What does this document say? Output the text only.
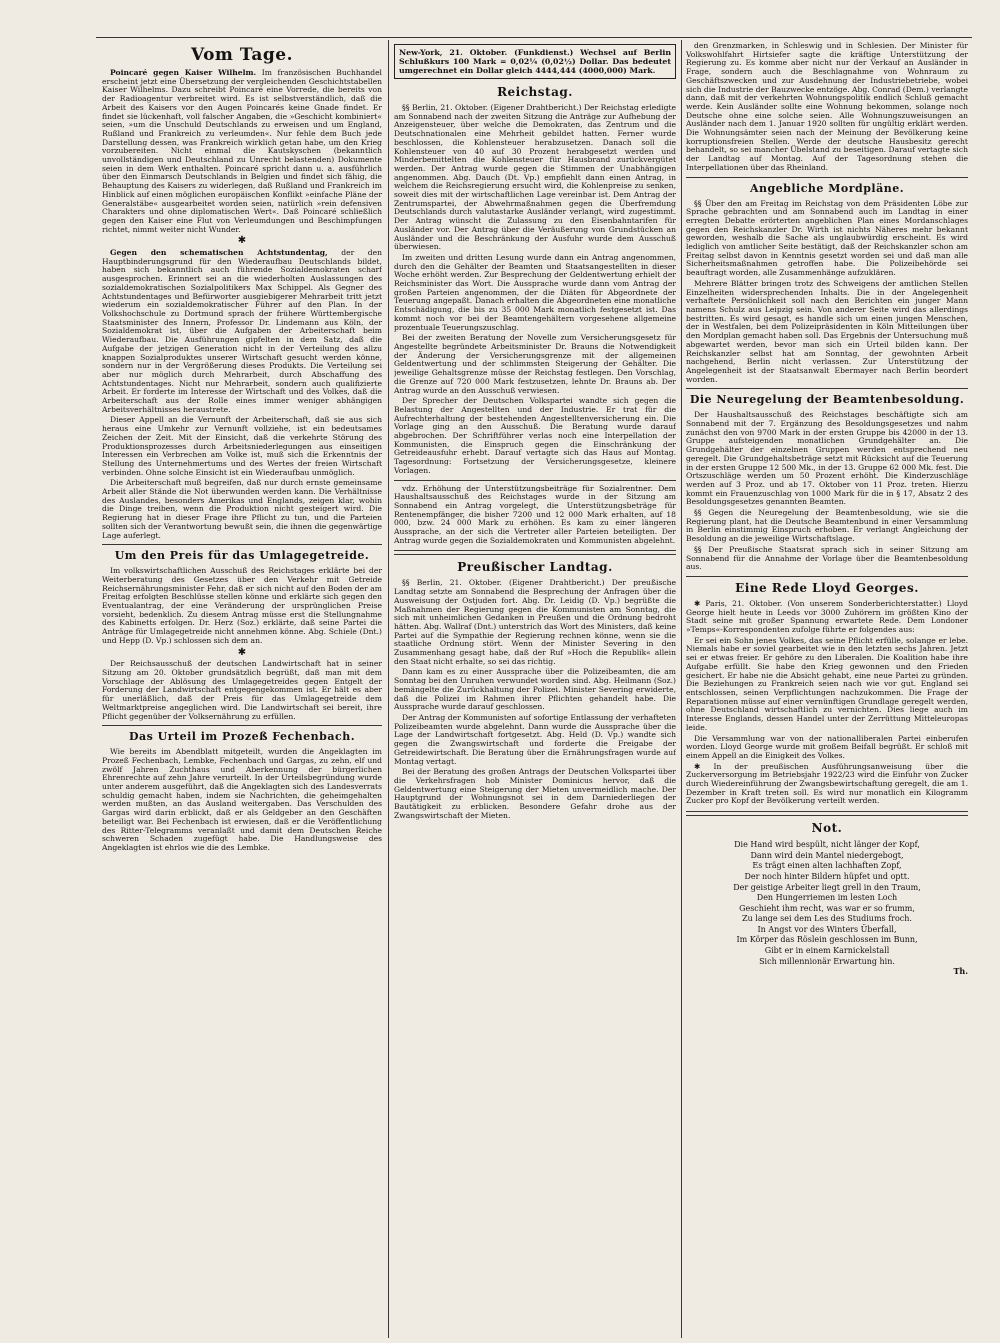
Vom Tage.

Poincaré gegen Kaiser Wilhelm. Im französischen Buchhandel erscheint jetzt eine Übersetzung der vergleichenden Geschichtstabellen Kaiser Wilhelms. Dazu schreibt Poincaré eine Vorrede, die bereits von der Radioagentur verbreitet wird. Es ist selbstverständlich, daß die Arbeit des Kaisers vor den Augen Poincarés keine Gnade findet. Er findet sie lückenhaft, voll falscher Angaben, die »Geschicht kombiniert« seien, »um die Unschuld Deutschlands zu erweisen und um England, Rußland und Frankreich zu verleumden«. Nur fehle dem Buch jede Darstellung dessen, was Frankreich wirklich getan habe, um den Krieg vorzubereiten. Nicht einmal die Kautskyschen (bekanntlich unvollständigen und Deutschland zu Unrecht belastenden) Dokumente seien in dem Werk enthalten. Poincaré spricht dann u. a. ausführlich über den Einmarsch Deutschlands in Belgien und findet sich fähig, die Behauptung des Kaisers zu widerlegen, daß Rußland und Frankreich im Hinblick auf einen möglichen europäischen Konflikt »einfache Pläne der Generalstäbe« ausgearbeitet worden seien, natürlich »rein defensiven Charakters und ohne diplomatischen Wert«. Daß Poincaré schließlich gegen den Kaiser eine Flut von Verleumdungen und Beschimpfungen richtet, nimmt weiter nicht Wunder.

✱

Gegen den schematischen Achtstundentag, der den Hauptbinderungsgrund für den Wiederaufbau Deutschlands bildet, haben sich bekanntlich auch führende Sozialdemokraten scharf ausgesprochen. Erinnert sei an die wiederholten Auslassungen des sozialdemokratischen Sozialpolitikers Max Schippel. Als Gegner des Achtstundentages und Befürworter ausgiebigerer Mehrarbeit tritt jetzt wiederum ein sozialdemokratischer Führer auf den Plan. In der Volkshochschule zu Dortmund sprach der frühere Württembergische Staatsminister des Innern, Professor Dr. Lindemann aus Köln, der Sozialdemokrat ist, über die Aufgaben der Arbeiterschaft beim Wiederaufbau. Die Ausführungen gipfelten in dem Satz, daß die Aufgabe der jetzigen Generation nicht in der Verteilung des allzu knappen Sozialproduktes unserer Wirtschaft gesucht werden könne, sondern nur in der Vergrößerung dieses Produkts. Die Verteilung sei aber nur möglich durch Mehrarbeit, durch Abschaffung des Achtstundentages. Nicht nur Mehrarbeit, sondern auch qualifizierte Arbeit. Er forderte im Interesse der Wirtschaft und des Volkes, daß die Arbeiterschaft aus der Rolle eines immer weniger abhängigen Arbeitsverhältnisses heraustrete.

Dieser Appell an die Vernunft der Arbeiterschaft, daß sie aus sich heraus eine Umkehr zur Vernunft vollziehe, ist ein bedeutsames Zeichen der Zeit. Mit der Einsicht, daß die verkehrte Störung des Produktionsprozesses durch Arbeitsniederlegungen aus einseitigen Interessen ein Verbrechen am Volke ist, muß sich die Erkenntnis der Stellung des Unternehmertums und des Wertes der freien Wirtschaft verbinden. Ohne solche Einsicht ist ein Wiederaufbau unmöglich.

Die Arbeiterschaft muß begreifen, daß nur durch ernste gemeinsame Arbeit aller Stände die Not überwunden werden kann. Die Verhältnisse des Auslandes, besonders Amerikas und Englands, zeigen klar, wohin die Dinge treiben, wenn die Produktion nicht gesteigert wird. Die Regierung hat in dieser Frage ihre Pflicht zu tun, und die Parteien sollten sich der Verantwortung bewußt sein, die ihnen die gegenwärtige Lage auferlegt.

Um den Preis für das Umlagegetreide.

Im volkswirtschaftlichen Ausschuß des Reichstages erklärte bei der Weiterberatung des Gesetzes über den Verkehr mit Getreide Reichsernährungsminister Fehr, daß er sich nicht auf den Boden der am Freitag erfolgten Beschlüsse stellen könne und erklärte sich gegen den Eventualantrag, der eine Veränderung der ursprünglichen Preise vorsieht, bedenklich. Zu diesem Antrag müsse erst die Stellungnahme des Kabinetts erfolgen. Dr. Herz (Soz.) erklärte, daß seine Partei die Anträge für Umlagegetreide nicht annehmen könne. Abg. Schiele (Dnt.) und Hepp (D. Vp.) schlossen sich dem an.

✱

Der Reichsausschuß der deutschen Landwirtschaft hat in seiner Sitzung am 20. Oktober grundsätzlich begrüßt, daß man mit dem Vorschlage der Ablösung des Umlagegetreides gegen Entgelt der Forderung der Landwirtschaft entgegengekommen ist. Er hält es aber für unerläßlich, daß der Preis für das Umlagegetreide dem Weltmarktpreise angeglichen wird. Die Landwirtschaft sei bereit, ihre Pflicht gegenüber der Volksernährung zu erfüllen.

Das Urteil im Prozeß Fechenbach.

Wie bereits im Abendblatt mitgeteilt, wurden die Angeklagten im Prozeß Fechenbach, Lembke, Fechenbach und Gargas, zu zehn, elf und zwölf Jahren Zuchthaus und Aberkennung der bürgerlichen Ehrenrechte auf zehn Jahre verurteilt. In der Urteilsbegründung wurde unter anderem ausgeführt, daß die Angeklagten sich des Landesverrats schuldig gemacht haben, indem sie Nachrichten, die geheimgehalten werden mußten, an das Ausland weitergaben. Das Verschulden des Gargas wird darin erblickt, daß er als Geldgeber an den Geschäften beteiligt war. Bei Fechenbach ist erwiesen, daß er die Veröffentlichung des Ritter-Telegramms veranlaßt und damit dem Deutschen Reiche schweren Schaden zugefügt habe. Die Handlungsweise des Angeklagten ist ehrlos wie die des Lembke.

New-York, 21. Oktober. (Funkdienst.) Wechsel auf Berlin Schlußkurs 100 Mark = 0,02¼ (0,02½) Dollar. Das bedeutet umgerechnet ein Dollar gleich 4444,444 (4000,000) Mark.
Reichstag.

§§ Berlin, 21. Oktober. (Eigener Drahtbericht.) Der Reichstag erledigte am Sonnabend nach der zweiten Sitzung die Anträge zur Aufhebung der Anzeigensteuer, über welche die Demokraten, das Zentrum und die Deutschnationalen eine Mehrheit gebildet hatten. Ferner wurde beschlossen, die Kohlensteuer herabzusetzen. Danach soll die Kohlensteuer von 40 auf 30 Prozent herabgesetzt werden und Minderbemittelten die Kohlensteuer für Hausbrand zurückvergütet werden. Der Antrag wurde gegen die Stimmen der Unabhängigen angenommen. Abg. Dauch (Dt. Vp.) empfiehlt dann einen Antrag, in welchem die Reichsregierung ersucht wird, die Kohlenpreise zu senken, soweit dies mit der wirtschaftlichen Lage vereinbar ist. Dem Antrag der Zentrumspartei, der Abwehrmaßnahmen gegen die Überfremdung Deutschlands durch valutastarke Ausländer verlangt, wird zugestimmt. Der Antrag wünscht die Zulassung zu den Eisenbahntarifen für Ausländer vor. Der Antrag über die Veräußerung von Grundstücken an Ausländer und die Beschränkung der Ausfuhr wurde dem Ausschuß überwiesen.

Im zweiten und dritten Lesung wurde dann ein Antrag angenommen, durch den die Gehälter der Beamten und Staatsangestellten in dieser Woche erhöht werden. Zur Besprechung der Geldentwertung erhielt der Reichsminister das Wort. Die Aussprache wurde dann vom Antrag der großen Parteien angenommen, der die Diäten für Abgeordnete der Teuerung angepaßt. Danach erhalten die Abgeordneten eine monatliche Entschädigung, die bis zu 35 000 Mark monatlich festgesetzt ist. Das kommt noch vor bei der Beamtengehältern vorgesehene allgemeine prozentuale Teuerungszuschlag.

Bei der zweiten Beratung der Novelle zum Versicherungsgesetz für Angestellte begründete Arbeitsminister Dr. Brauns die Notwendigkeit der Änderung der Versicherungsgrenze mit der allgemeinen Geldentwertung und der schlimmsten Steigerung der Gehälter. Die jeweilige Gehaltsgrenze müsse der Reichstag festlegen. Den Vorschlag, die Grenze auf 720 000 Mark festzusetzen, lehnte Dr. Brauns ab. Der Antrag wurde an den Ausschuß verwiesen.

Der Sprecher der Deutschen Volkspartei wandte sich gegen die Belastung der Angestellten und der Industrie. Er trat für die Aufrechterhaltung der bestehenden Angestelltenversicherung ein. Die Vorlage ging an den Ausschuß. Die Beratung wurde darauf abgebrochen. Der Schriftführer verlas noch eine Interpellation der Kommunisten, die Einspruch gegen die Einschränkung der Getreideausfuhr erhebt. Darauf vertagte sich das Haus auf Montag. Tagesordnung: Fortsetzung der Versicherungsgesetze, kleinere Vorlagen.

vdz. Erhöhung der Unterstützungsbeiträge für Sozialrentner. Dem Haushaltsausschuß des Reichstages wurde in der Sitzung am Sonnabend ein Antrag vorgelegt, die Unterstützungsbeträge für Rentenempfänger, die bisher 7200 und 12 000 Mark erhalten, auf 18 000, bzw. 24 000 Mark zu erhöhen. Es kam zu einer längeren Aussprache, an der sich die Vertreter aller Parteien beteiligten. Der Antrag wurde gegen die Sozialdemokraten und Kommunisten abgelehnt.

Preußischer Landtag.

§§ Berlin, 21. Oktober. (Eigener Drahtbericht.) Der preußische Landtag setzte am Sonnabend die Besprechung der Anfragen über die Ausweisung der Ostjuden fort. Abg. Dr. Leidig (D. Vp.) begrüßte die Maßnahmen der Regierung gegen die Kommunisten am Sonntag, die sich mit unheimlichen Gedanken in Preußen und die Ordnung bedroht hätten. Abg. Wallraf (Dnt.) unterstrich das Wort des Ministers, daß keine Partei auf die Sympathie der Regierung rechnen könne, wenn sie die staatliche Ordnung stört. Wenn der Minister Severing in den Zusammenhang gesagt habe, daß der Ruf »Hoch die Republik« allein den Staat nicht erhalte, so sei das richtig.

Dann kam es zu einer Aussprache über die Polizeibeamten, die am Sonntag bei den Unruhen verwundet worden sind. Abg. Heilmann (Soz.) bemängelte die Zurückhaltung der Polizei. Minister Severing erwiderte, daß die Polizei im Rahmen ihrer Pflichten gehandelt habe. Die Aussprache wurde darauf geschlossen.

Der Antrag der Kommunisten auf sofortige Entlassung der verhafteten Polizeibeamten wurde abgelehnt. Dann wurde die Aussprache über die Lage der Landwirtschaft fortgesetzt. Abg. Held (D. Vp.) wandte sich gegen die Zwangswirtschaft und forderte die Freigabe der Getreidewirtschaft. Die Beratung über die Ernährungsfragen wurde auf Montag vertagt.

Bei der Beratung des großen Antrags der Deutschen Volkspartei über die Verkehrsfragen hob Minister Dominicus hervor, daß die Geldentwertung eine Steigerung der Mieten unvermeidlich mache. Der Hauptgrund der Wohnungsnot sei in dem Darniederliegen der Bautätigkeit zu erblicken. Besondere Gefahr drohe aus der Zwangswirtschaft der Mieten.

den Grenzmarken, in Schleswig und in Schlesien. Der Minister für Volkswohlfahrt Hirtsiefer sagte die kräftige Unterstützung der Regierung zu. Es komme aber nicht nur der Verkauf an Ausländer in Frage, sondern auch die Beschlagnahme von Wohnraum zu Geschäftszwecken und zur Ausdehnung der Industriebetriebe, wobei sich die Industrie der Bauzwecke entzöge. Abg. Conrad (Dem.) verlangte dann, daß mit der verkehrten Wohnungspolitik endlich Schluß gemacht werde. Kein Ausländer sollte eine Wohnung bekommen, solange noch Deutsche ohne eine solche seien. Alle Wohnungszuweisungen an Ausländer nach dem 1. Januar 1920 sollten für ungültig erklärt werden. Die Wohnungsämter seien nach der Meinung der Bevölkerung keine korruptionsfreien Stellen. Werde der deutsche Hausbesitz gerecht behandelt, so sei mancher Übelstand zu beseitigen. Darauf vertagte sich der Landtag auf Montag. Auf der Tagesordnung stehen die Interpellationen über das Rheinland.

Angebliche Mordpläne.

§§ Über den am Freitag im Reichstag von dem Präsidenten Löbe zur Sprache gebrachten und am Sonnabend auch im Landtag in einer erregten Debatte erörterten angeblichen Plan eines Mordanschlages gegen den Reichskanzler Dr. Wirth ist nichts Näheres mehr bekannt geworden, weshalb die Sache als unglaubwürdig erscheint. Es wird lediglich von amtlicher Seite bestätigt, daß der Reichskanzler schon am Freitag selbst davon in Kenntnis gesetzt worden sei und daß man alle Sicherheitsmaßnahmen getroffen habe. Die Polizeibehörde sei beauftragt worden, alle Zusammenhänge aufzuklären.

Mehrere Blätter bringen trotz des Schweigens der amtlichen Stellen Einzelheiten widersprechenden Inhalts. Die in der Angelegenheit verhaftete Persönlichkeit soll nach den Berichten ein junger Mann namens Schulz aus Leipzig sein. Von anderer Seite wird das allerdings bestritten. Es wird gesagt, es handle sich um einen jungen Menschen, der in Westfalen, bei dem Polizeipräsidenten in Köln Mitteilungen über den Mordplan gemacht haben soll. Das Ergebnis der Untersuchung muß abgewartet werden, bevor man sich ein Urteil bilden kann. Der Reichskanzler selbst hat am Sonntag, der gewohnten Arbeit nachgehend, Berlin nicht verlassen. Zur Unterstützung der Angelegenheit ist der Staatsanwalt Ebermayer nach Berlin beordert worden.

Die Neuregelung der Beamtenbesoldung.

Der Haushaltsausschuß des Reichstages beschäftigte sich am Sonnabend mit der 7. Ergänzung des Besoldungsgesetzes und nahm zunächst den von 9700 Mark in der ersten Gruppe bis 42000 in der 13. Gruppe aufsteigenden monatlichen Grundgehälter an. Die Grundgehälter der einzelnen Gruppen werden entsprechend neu geregelt. Die Grundgehaltsbeträge setzt mit Rücksicht auf die Teuerung in der ersten Gruppe 12 500 Mk., in der 13. Gruppe 62 000 Mk. fest. Die Ortszuschläge werden um 50 Prozent erhöht. Die Kinderzuschläge werden auf 3 Proz. und ab 17. Oktober von 11 Proz. treten. Hierzu kommt ein Frauenzuschlag von 1000 Mark für die in § 17, Absatz 2 des Besoldungsgesetzes genannten Beamten.

§§ Gegen die Neuregelung der Beamtenbesoldung, wie sie die Regierung plant, hat die Deutsche Beamtenbund in einer Versammlung in Berlin einstimmig Einspruch erhoben. Er verlangt Angleichung der Besoldung an die jeweilige Wirtschaftslage.

§§ Der Preußische Staatsrat sprach sich in seiner Sitzung am Sonnabend für die Annahme der Vorlage über die Beamtenbesoldung aus.

Eine Rede Lloyd Georges.

✱ Paris, 21. Oktober. (Von unserem Sonderberichterstatter.) Lloyd George hielt heute in Leeds vor 3000 Zuhörern im größten Kino der Stadt seine mit großer Spannung erwartete Rede. Dem Londoner »Temps«-Korrespondenten zufolge führte er folgendes aus:

Er sei ein Sohn jenes Volkes, das seine Pflicht erfülle, solange er lebe. Niemals habe er soviel gearbeitet wie in den letzten sechs Jahren. Jetzt sei er etwas freier. Er gehöre zu den Liberalen. Die Koalition habe ihre Aufgabe erfüllt. Sie habe den Krieg gewonnen und den Frieden gesichert. Er habe nie die Absicht gehabt, eine neue Partei zu gründen. Die Beziehungen zu Frankreich seien nach wie vor gut. England sei entschlossen, seinen Verpflichtungen nachzukommen. Die Frage der Reparationen müsse auf einer vernünftigen Grundlage geregelt werden, ohne Deutschland wirtschaftlich zu vernichten. Dies liege auch im Interesse Englands, dessen Handel unter der Zerrüttung Mitteleuropas leide.

Die Versammlung war von der nationalliberalen Partei einberufen worden. Lloyd George wurde mit großem Beifall begrüßt. Er schloß mit einem Appell an die Einigkeit des Volkes.

✱ In der preußischen Ausführungsanweisung über die Zuckerversorgung im Betriebsjahr 1922/23 wird die Einfuhr von Zucker durch Wiedereinführung der Zwangsbewirtschaftung geregelt, die am 1. Dezember in Kraft treten soll. Es wird nur monatlich ein Kilogramm Zucker pro Kopf der Bevölkerung verteilt werden.

Not.
Die Hand wird bespült, nicht länger der Kopf,
Dann wird dein Mantel niedergebogt,
Es trägt einen alten lachhaften Zopf,
Der noch hinter Bildern hüpfet und optt.
Der geistige Arbeiter liegt grell in den Traum,
Den Hungerriemen im lesten Loch
Geschieht ihm recht, was war er so frumm,
Zu lange sei dem Les des Studiums froch.
In Angst vor des Winters Überfall,
Im Körper das Röslein geschlossen im Bunn,
Gibt er in einem Karnickelstall
Sich millennionär Erwartung hin.
Th.
